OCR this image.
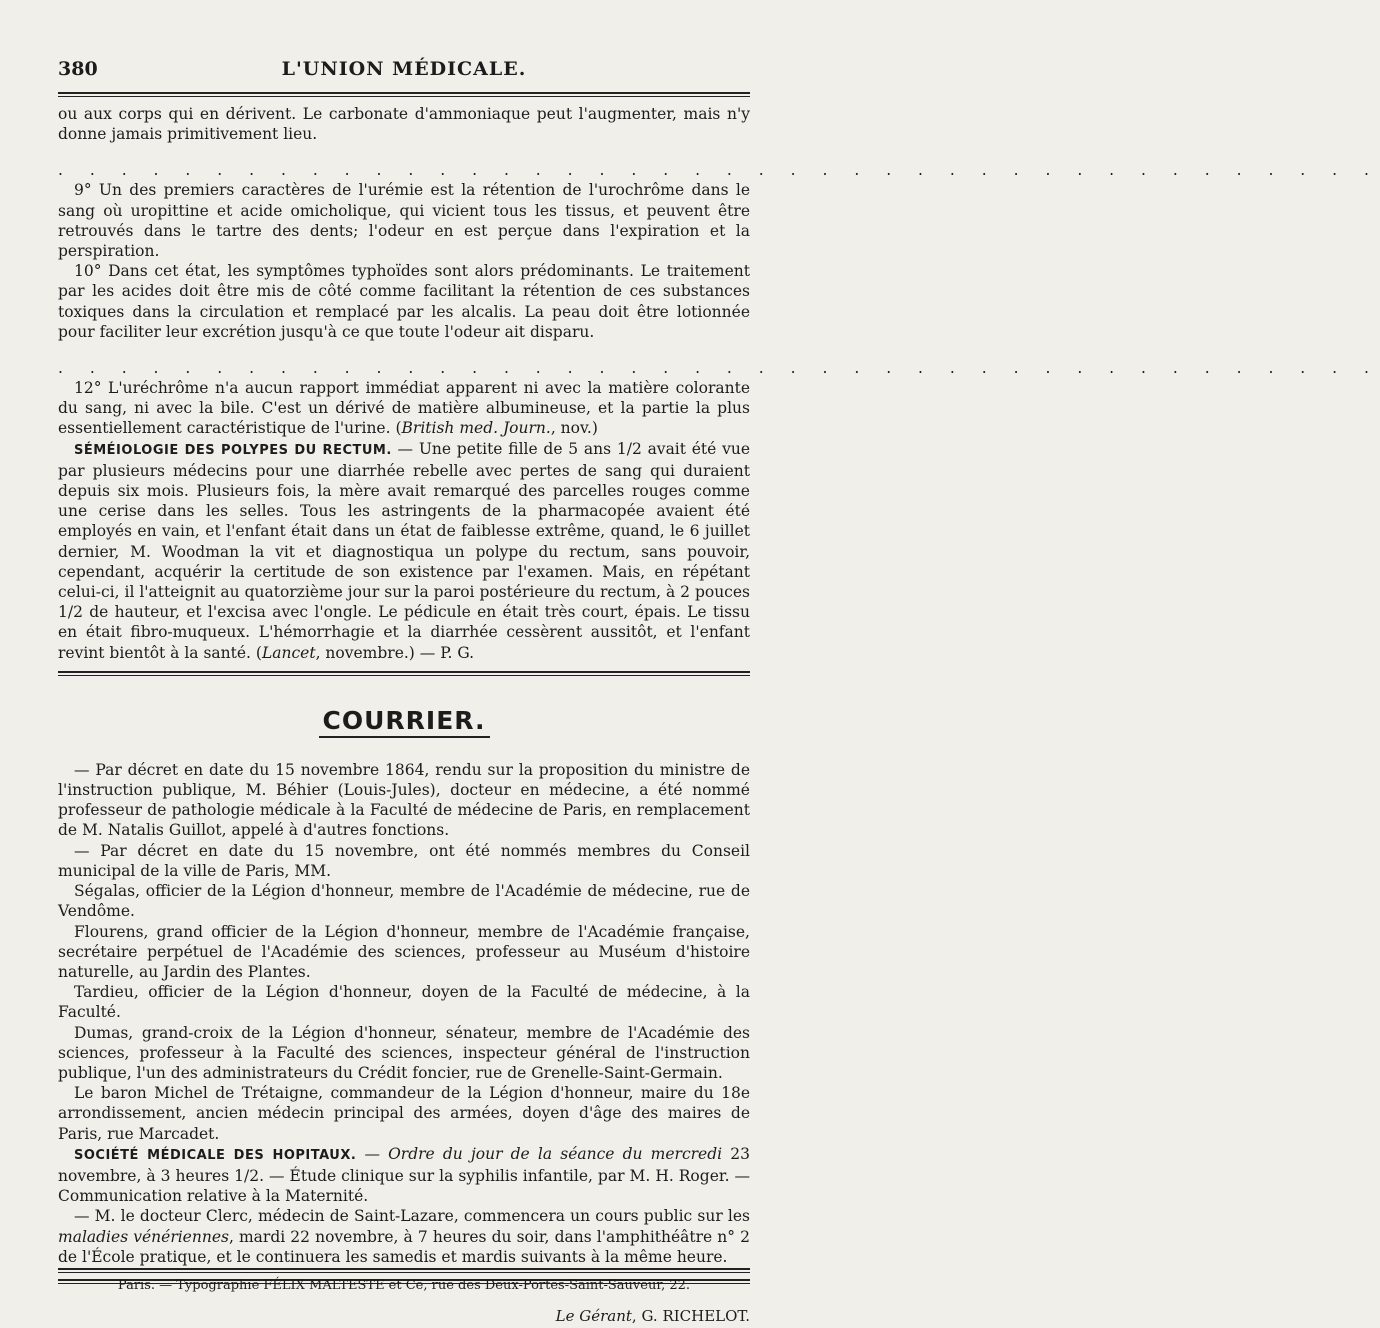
380	L'UNION MÉDICALE.

ou aux corps qui en dérivent. Le carbonate d'ammoniaque peut l'augmenter, mais n'y donne jamais primitivement lieu.

. . . . . . . . . . . . . . . . . . . . . . . . . . . . . . . . . . . . . . . . . .

9° Un des premiers caractères de l'urémie est la rétention de l'urochrôme dans le sang où uropittine et acide omicholique, qui vicient tous les tissus, et peuvent être retrouvés dans le tartre des dents; l'odeur en est perçue dans l'expiration et la perspiration.

10° Dans cet état, les symptômes typhoïdes sont alors prédominants. Le traitement par les acides doit être mis de côté comme facilitant la rétention de ces substances toxiques dans la circulation et remplacé par les alcalis. La peau doit être lotionnée pour faciliter leur excrétion jusqu'à ce que toute l'odeur ait disparu.

. . . . . . . . . . . . . . . . . . . . . . . . . . . . . . . . . . . . . . . . . .

12° L'uréchrôme n'a aucun rapport immédiat apparent ni avec la matière colorante du sang, ni avec la bile. C'est un dérivé de matière albumineuse, et la partie la plus essentiellement caractéristique de l'urine. (British med. Journ., nov.)

SÉMÉIOLOGIE DES POLYPES DU RECTUM. — Une petite fille de 5 ans 1/2 avait été vue par plusieurs médecins pour une diarrhée rebelle avec pertes de sang qui duraient depuis six mois. Plusieurs fois, la mère avait remarqué des parcelles rouges comme une cerise dans les selles. Tous les astringents de la pharmacopée avaient été employés en vain, et l'enfant était dans un état de faiblesse extrême, quand, le 6 juillet dernier, M. Woodman la vit et diagnostiqua un polype du rectum, sans pouvoir, cependant, acquérir la certitude de son existence par l'examen. Mais, en répétant celui-ci, il l'atteignit au quatorzième jour sur la paroi postérieure du rectum, à 2 pouces 1/2 de hauteur, et l'excisa avec l'ongle. Le pédicule en était très court, épais. Le tissu en était fibro-muqueux. L'hémorrhagie et la diarrhée cessèrent aussitôt, et l'enfant revint bientôt à la santé. (Lancet, novembre.) — P. G.

COURRIER.

— Par décret en date du 15 novembre 1864, rendu sur la proposition du ministre de l'instruction publique, M. Béhier (Louis-Jules), docteur en médecine, a été nommé professeur de pathologie médicale à la Faculté de médecine de Paris, en remplacement de M. Natalis Guillot, appelé à d'autres fonctions.

— Par décret en date du 15 novembre, ont été nommés membres du Conseil municipal de la ville de Paris, MM.

Ségalas, officier de la Légion d'honneur, membre de l'Académie de médecine, rue de Vendôme.

Flourens, grand officier de la Légion d'honneur, membre de l'Académie française, secrétaire perpétuel de l'Académie des sciences, professeur au Muséum d'histoire naturelle, au Jardin des Plantes.

Tardieu, officier de la Légion d'honneur, doyen de la Faculté de médecine, à la Faculté.

Dumas, grand-croix de la Légion d'honneur, sénateur, membre de l'Académie des sciences, professeur à la Faculté des sciences, inspecteur général de l'instruction publique, l'un des administrateurs du Crédit foncier, rue de Grenelle-Saint-Germain.

Le baron Michel de Trétaigne, commandeur de la Légion d'honneur, maire du 18e arrondissement, ancien médecin principal des armées, doyen d'âge des maires de Paris, rue Marcadet.

SOCIÉTÉ MÉDICALE DES HOPITAUX. — Ordre du jour de la séance du mercredi 23 novembre, à 3 heures 1/2. — Étude clinique sur la syphilis infantile, par M. H. Roger. — Communication relative à la Maternité.

— M. le docteur Clerc, médecin de Saint-Lazare, commencera un cours public sur les maladies vénériennes, mardi 22 novembre, à 7 heures du soir, dans l'amphithéâtre n° 2 de l'École pratique, et le continuera les samedis et mardis suivants à la même heure.

Le Gérant, G. RICHELOT.
Paris. — Typographie FÉLIX MALTESTE et Ce, rue des Deux-Portes-Saint-Sauveur, 22.
